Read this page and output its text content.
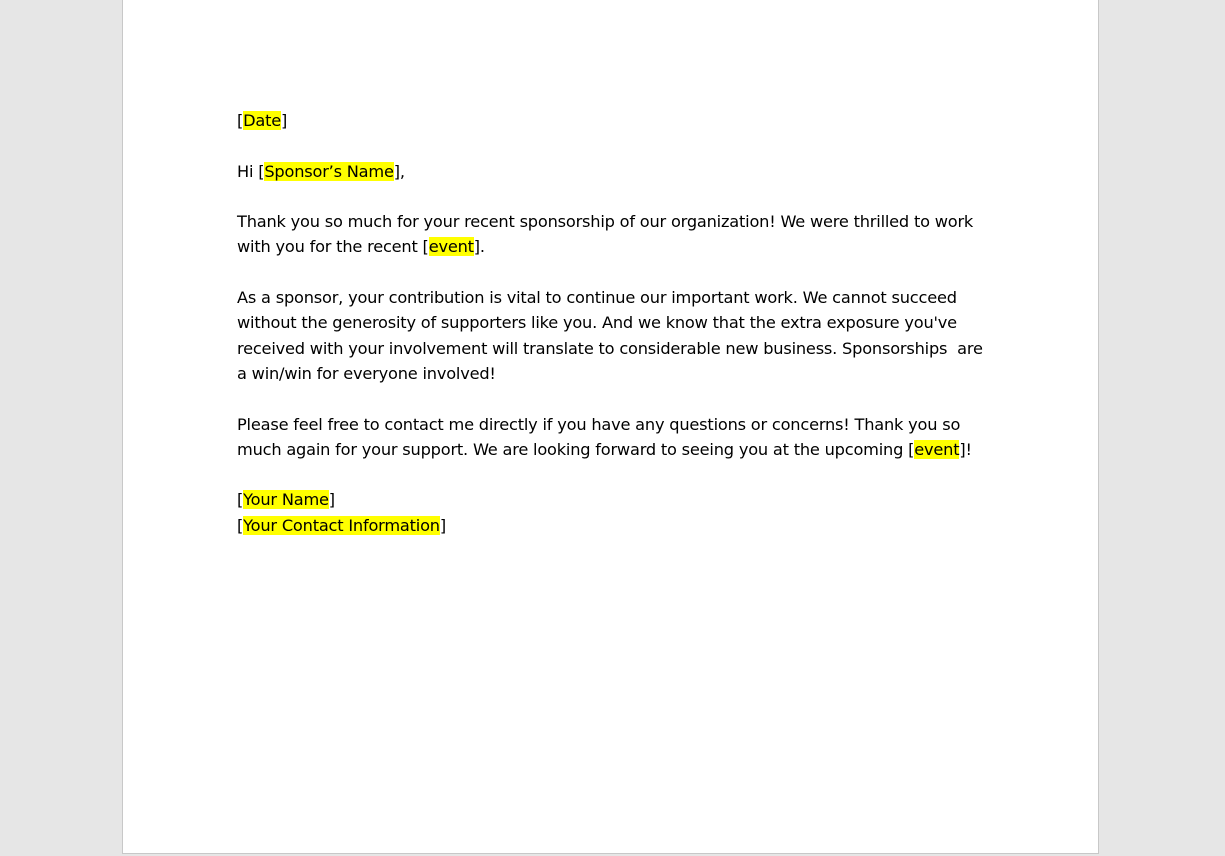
[Date]

Hi [Sponsor’s Name],

Thank you so much for your recent sponsorship of our organization! We were thrilled to work with you for the recent [event].

As a sponsor, your contribution is vital to continue our important work. We cannot succeed without the generosity of supporters like you. And we know that the extra exposure you've received with your involvement will translate to considerable new business. Sponsorships  are a win/win for everyone involved!

Please feel free to contact me directly if you have any questions or concerns! Thank you so much again for your support. We are looking forward to seeing you at the upcoming [event]!

[Your Name]

[Your Contact Information]
